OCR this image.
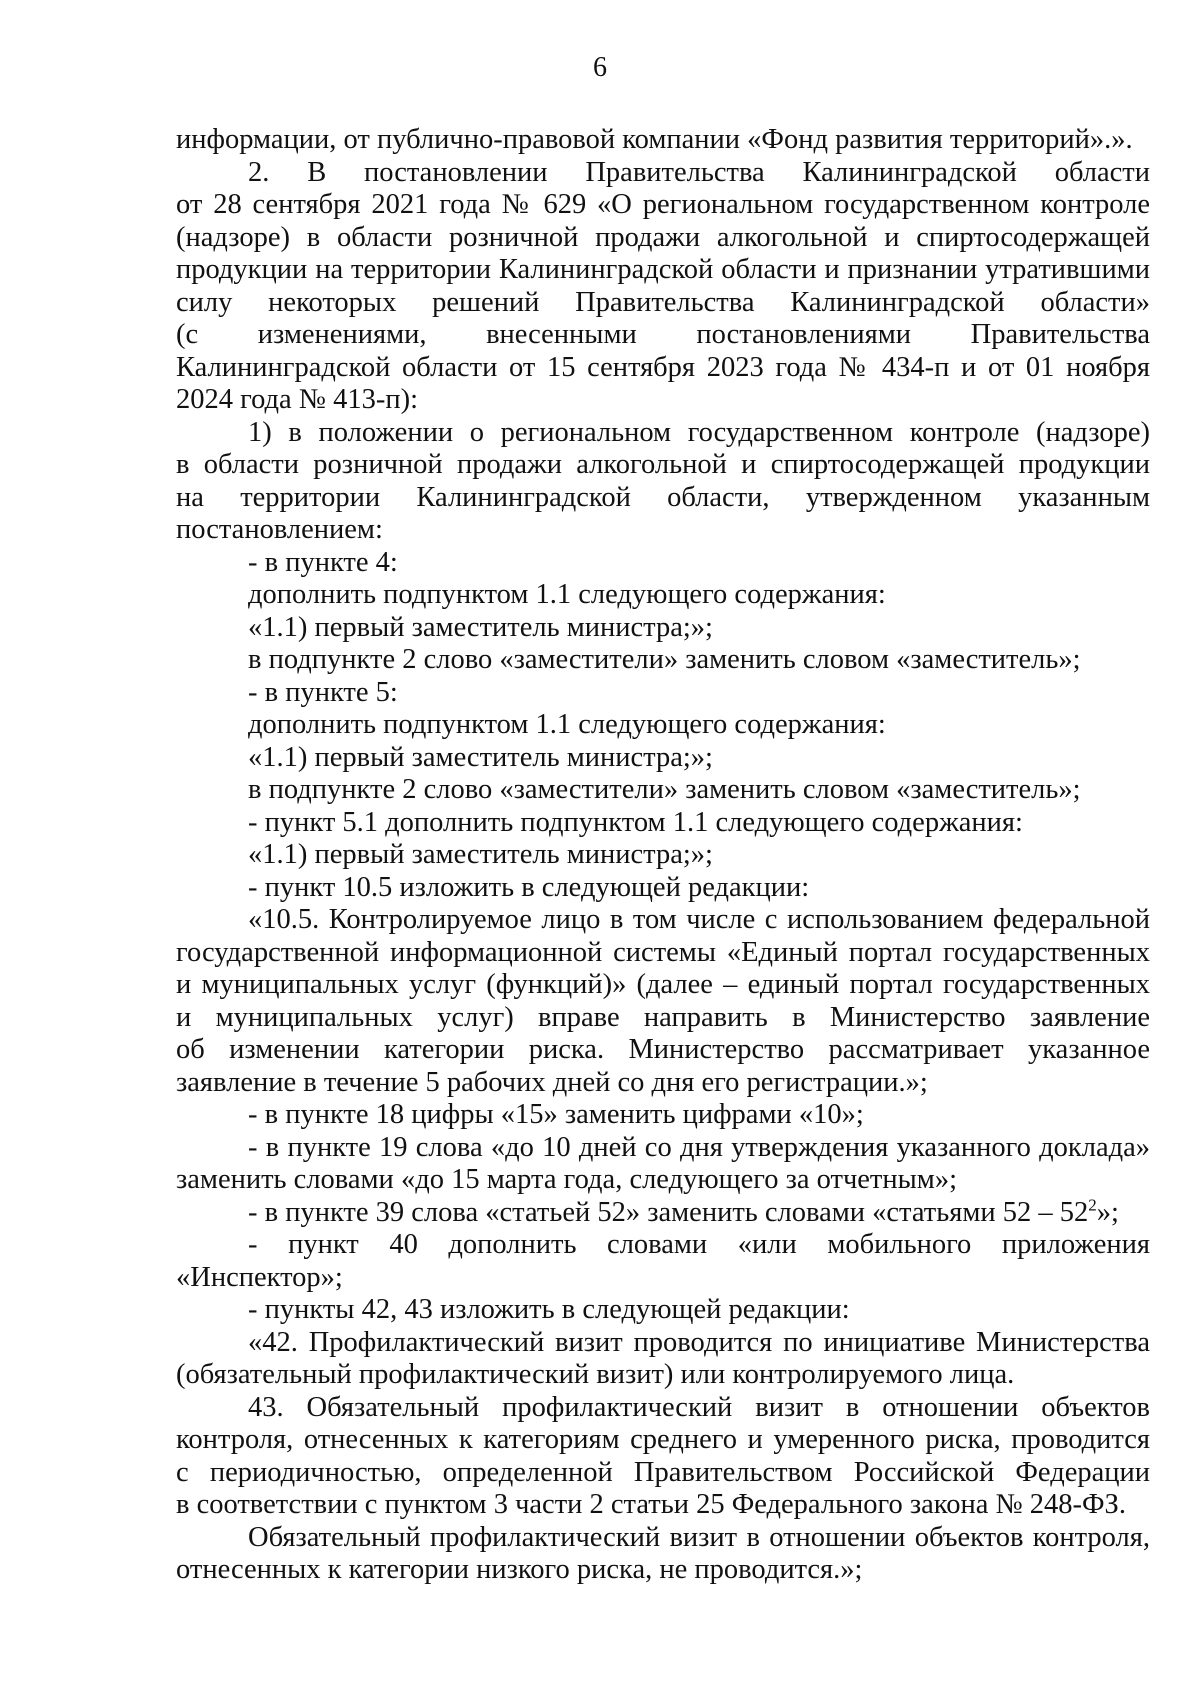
6

информации, от публично-правовой компании «Фонд развития территорий».».

2. В постановлении Правительства Калининградской области

от 28 сентября 2021 года № 629 «О региональном государственном контроле

(надзоре) в области розничной продажи алкогольной и спиртосодержащей

продукции на территории Калининградской области и признании утратившими

силу некоторых решений Правительства Калининградской области»

(с изменениями, внесенными постановлениями Правительства

Калининградской области от 15 сентября 2023 года № 434-п и от 01 ноября

2024 года № 413-п):

1) в положении о региональном государственном контроле (надзоре)

в области розничной продажи алкогольной и спиртосодержащей продукции

на территории Калининградской области, утвержденном указанным

постановлением:

- в пункте 4:

дополнить подпунктом 1.1 следующего содержания:

«1.1) первый заместитель министра;»;

в подпункте 2 слово «заместители» заменить словом «заместитель»;

- в пункте 5:

дополнить подпунктом 1.1 следующего содержания:

«1.1) первый заместитель министра;»;

в подпункте 2 слово «заместители» заменить словом «заместитель»;

- пункт 5.1 дополнить подпунктом 1.1 следующего содержания:

«1.1) первый заместитель министра;»;

- пункт 10.5 изложить в следующей редакции:

«10.5. Контролируемое лицо в том числе с использованием федеральной

государственной информационной системы «Единый портал государственных

и муниципальных услуг (функций)» (далее – единый портал государственных

и муниципальных услуг) вправе направить в Министерство заявление

об изменении категории риска. Министерство рассматривает указанное

заявление в течение 5 рабочих дней со дня его регистрации.»;

- в пункте 18 цифры «15» заменить цифрами «10»;

- в пункте 19 слова «до 10 дней со дня утверждения указанного доклада»

заменить словами «до 15 марта года, следующего за отчетным»;

- в пункте 39 слова «статьей 52» заменить словами «статьями $52 - 52^2$»;

- пункт 40 дополнить словами «или мобильного приложения

«Инспектор»;

- пункты 42, 43 изложить в следующей редакции:

«42. Профилактический визит проводится по инициативе Министерства

(обязательный профилактический визит) или контролируемого лица.

43. Обязательный профилактический визит в отношении объектов

контроля, отнесенных к категориям среднего и умеренного риска, проводится

с периодичностью, определенной Правительством Российской Федерации

в соответствии с пунктом 3 части 2 статьи 25 Федерального закона № 248-ФЗ.

Обязательный профилактический визит в отношении объектов контроля,

отнесенных к категории низкого риска, не проводится.»;
